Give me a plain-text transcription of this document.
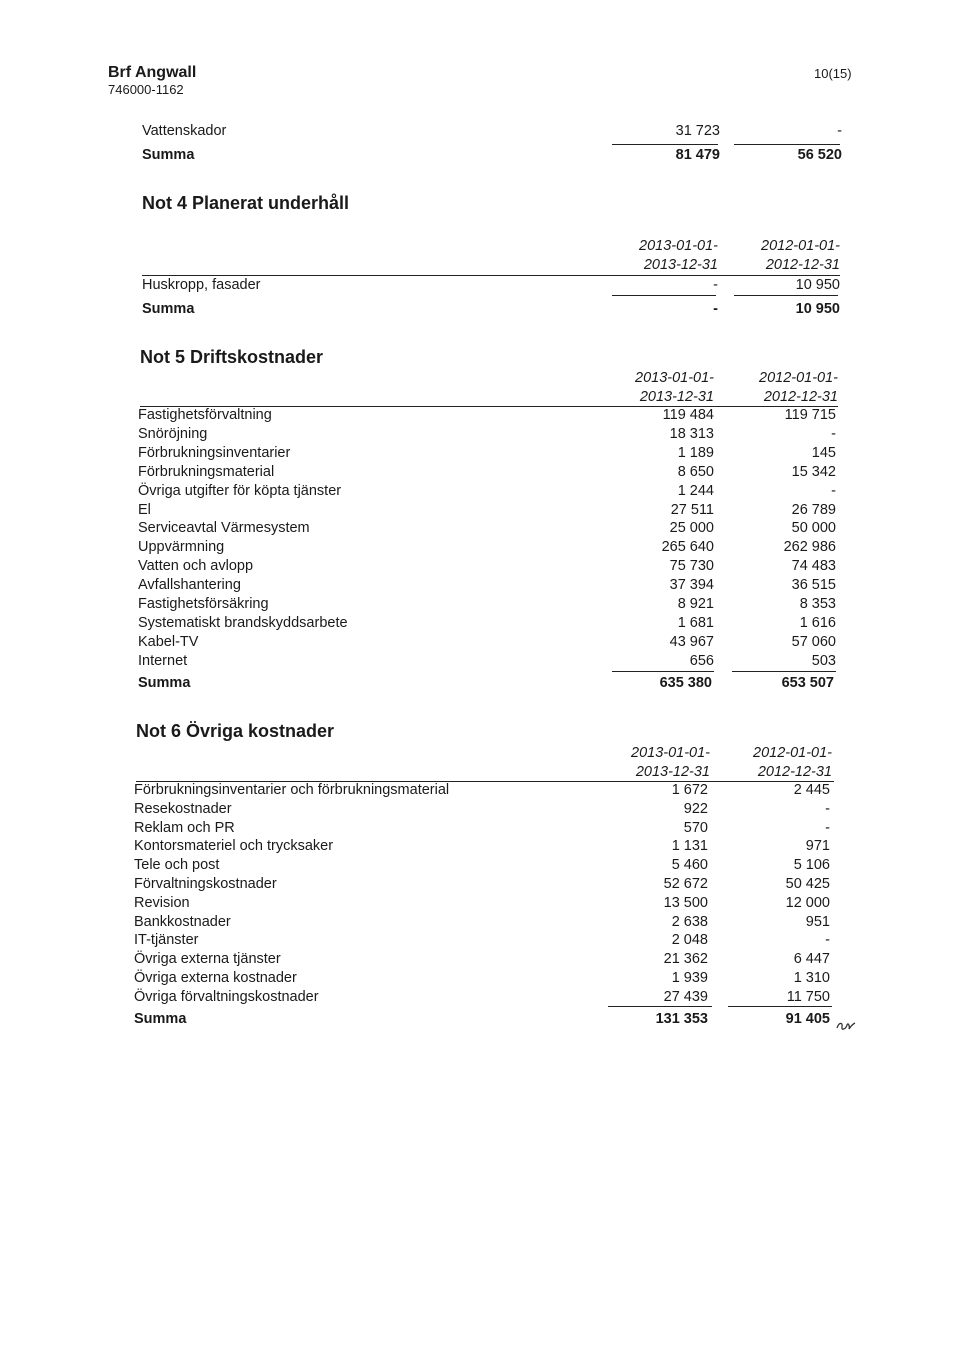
Brf Angwall
746000-1162
10(15)
Vattenskador	31 723	-
Summa	81 479	56 520
Not 4 Planerat underhåll
2013-01-01-
2013-12-31
2012-01-01-
2012-12-31
Huskropp, fasader	-	10 950
Summa	-	10 950
Not 5 Driftskostnader
2013-01-01-
2013-12-31
2012-01-01-
2012-12-31
Fastighetsförvaltning	119 484	119 715
Snöröjning	18 313	-
Förbrukningsinventarier	1 189	145
Förbrukningsmaterial	8 650	15 342
Övriga utgifter för köpta tjänster	1 244	-
El	27 511	26 789
Serviceavtal Värmesystem	25 000	50 000
Uppvärmning	265 640	262 986
Vatten och avlopp	75 730	74 483
Avfallshantering	37 394	36 515
Fastighetsförsäkring	8 921	8 353
Systematiskt brandskyddsarbete	1 681	1 616
Kabel-TV	43 967	57 060
Internet	656	503
Summa	635 380	653 507
Not 6 Övriga kostnader
2013-01-01-
2013-12-31
2012-01-01-
2012-12-31
Förbrukningsinventarier och förbrukningsmaterial	1 672	2 445
Resekostnader	922	-
Reklam och PR	570	-
Kontorsmateriel och trycksaker	1 131	971
Tele och post	5 460	5 106
Förvaltningskostnader	52 672	50 425
Revision	13 500	12 000
Bankkostnader	2 638	951
IT-tjänster	2 048	-
Övriga externa tjänster	21 362	6 447
Övriga externa kostnader	1 939	1 310
Övriga förvaltningskostnader	27 439	11 750
Summa	131 353	91 405
